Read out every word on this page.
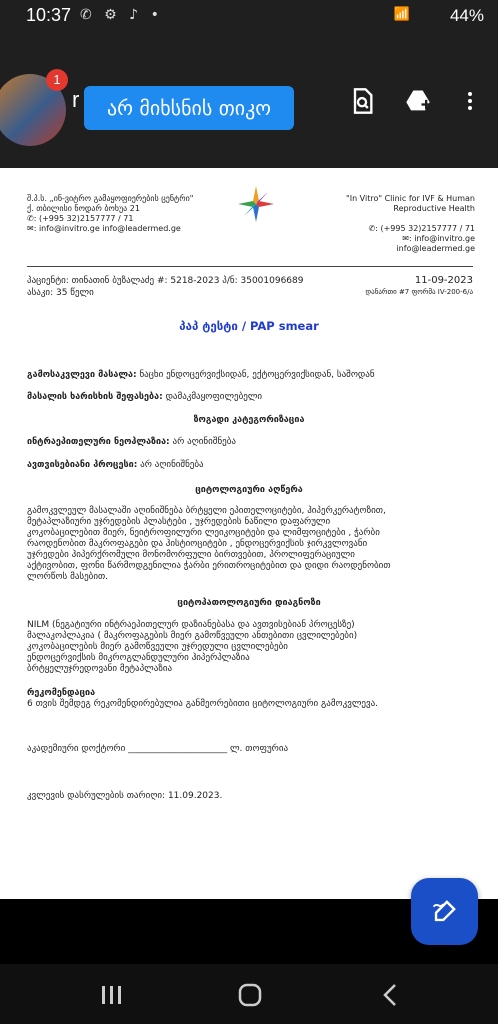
10:37 ✆ ⚙ ♪ •	📶 44%
1
r	არ მიხსნის თიკო
შ.პ.ს. „ინ-ვიტრო გამაყოფიერების ცენტრი"
ქ. თბილისი ნოდარ ბოხუა 21
✆: (+995 32)2157777 / 71
✉: info@invitro.ge info@leadermed.ge
"In Vitro" Clinic for IVF & Human
Reproductive Health
✆: (+995 32)2157777 / 71
✉: info@invitro.ge
info@leadermed.ge
პაციენტი: თინათინ ბუზალაძე #: 5218-2023 პ/ნ: 35001096689
ასაკი: 35 წელი
11-09-2023
დანართი #7 ფორმა IV-200-6/ა
პაპ ტესტი / PAP smear
გამოსაკვლევი მასალა: ნაცხი ენდოცერვიქსიდან, ექტოცერვიქსიდან, საშოდან
მასალის ხარისხის შეფასება: დამაკმაყოფილებელი
ზოგადი კატეგორიზაცია
ინტრაეპითელური ნეოპლაზია: არ აღინიშნება
ავთვისებიანი პროცესი: არ აღინიშნება
ციტოლოგიური აღწერა
გამოკვლეულ მასალაში აღინიშნება ბრტყელი ეპითელოციტები, ჰიპერკერატოზით,
მეტაპლაზიური უჯრედების პლასტები , უჯრედების ნაწილი დაფარული
კოკობაცილებით მიერ, ნეიტროფილური ლეიკოციტები და ლიმფოციტები , ჭარბი
რაოდენობით მაკროფაგები და ჰისტიოციტები , ენდოცერვიქსის ჯირკვლოვანი
უჯრედები ჰიპერქრომული მონომორფული ბირთვებით, პროლიფერაციული
აქტივობით, ფონი წარმოდგენილია ჭარბი ერითროციტებით და დიდი რაოდენობით
ლორწოს მასებით.
ციტოპათოლოგიური დიაგნოზი
NILM (ნეგატიური ინტრაეპითელურ დაზიანებასა და ავთვისებიან პროცესზე)
მალაკოპლაკია ( მაკროფაგების მიერ გამოწვეული ანთებითი ცვლილებები)
კოკობაცილების მიერ გამოწვეული უჯრედული ცვლილებები
ენდოცერვიქსის მიკროგლანდულური ჰიპერპლაზია
ბრტყელუჯრედოვანი მეტაპლაზია
რეკომენდაცია
6 თვის შემდეგ რეკომენდირებულია განმეორებითი ციტოლოგიური გამოკვლევა.
აკადემიური დოქტორი ______________________ ლ. თოფურია
კვლევის დასრულების თარიღი: 11.09.2023.
